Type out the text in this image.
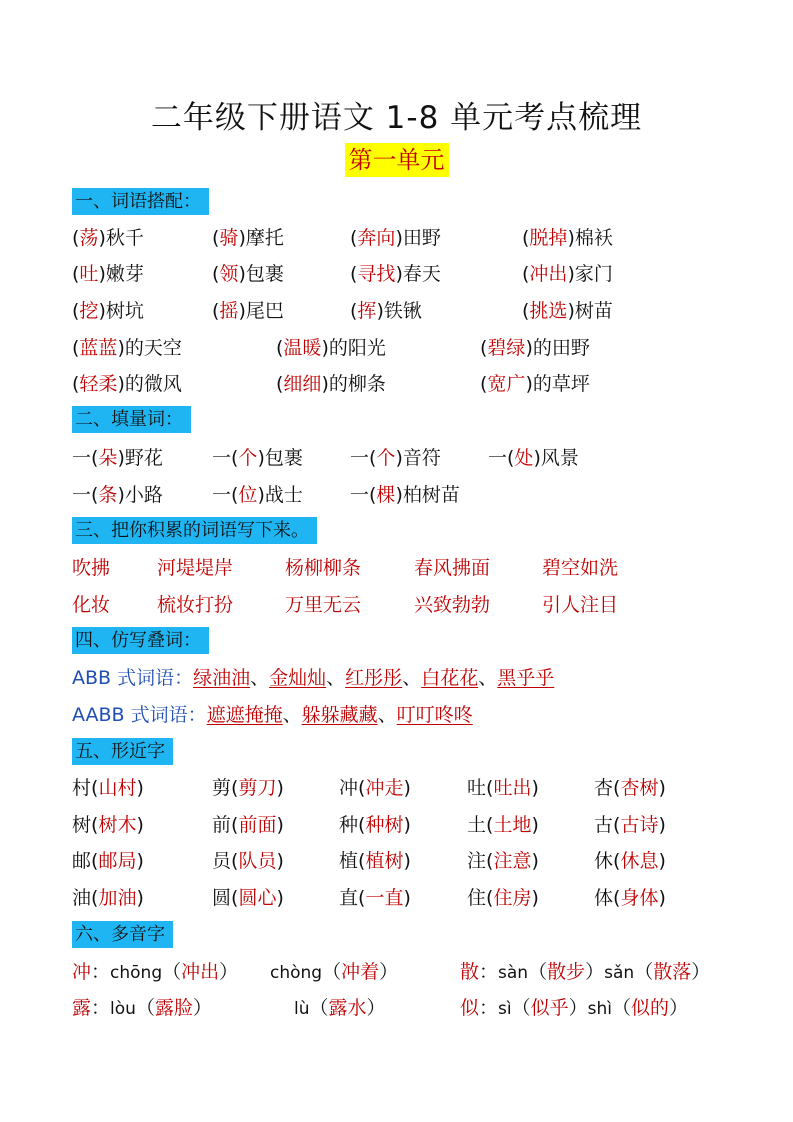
二年级下册语文 1-8 单元考点梳理
第一单元
一、词语搭配：
(荡)秋千	(骑)摩托	(奔向)田野	(脱掉)棉袄
(吐)嫩芽	(领)包裹	(寻找)春天	(冲出)家门
(挖)树坑	(摇)尾巴	(挥)铁锹	(挑选)树苗
(蓝蓝)的天空	(温暖)的阳光	(碧绿)的田野
(轻柔)的微风	(细细)的柳条	(宽广)的草坪
二、填量词：
一(朵)野花	一(个)包裹 一(个)音符 一(处)风景
一(条)小路	一(位)战士 一(棵)柏树苗
三、把你积累的词语写下来。
吹拂 河堤堤岸	杨柳柳条	春风拂面	碧空如洗
化妆 梳妆打扮	万里无云	兴致勃勃	引人注目
四、仿写叠词：
ABB 式词语：绿油油、金灿灿、红彤彤、白花花、黑乎乎
AABB 式词语：遮遮掩掩、躲躲藏藏、叮叮咚咚
五、形近字
村(山村)	剪(剪刀)	冲(冲走)	吐(吐出)	杏(杏树)
树(树木)	前(前面)	种(种树)	土(土地)	古(古诗)
邮(邮局)	员(队员)	植(植树)	注(注意)	休(休息)
油(加油)	圆(圆心)	直(一直)	住(住房)	体(身体)
六、多音字
冲：chōng（冲出） chòng（冲着）	散：sàn（散步）sǎn（散落）
露：lòu（露脸）	lù（露水）	似：sì（似乎）shì（似的）
